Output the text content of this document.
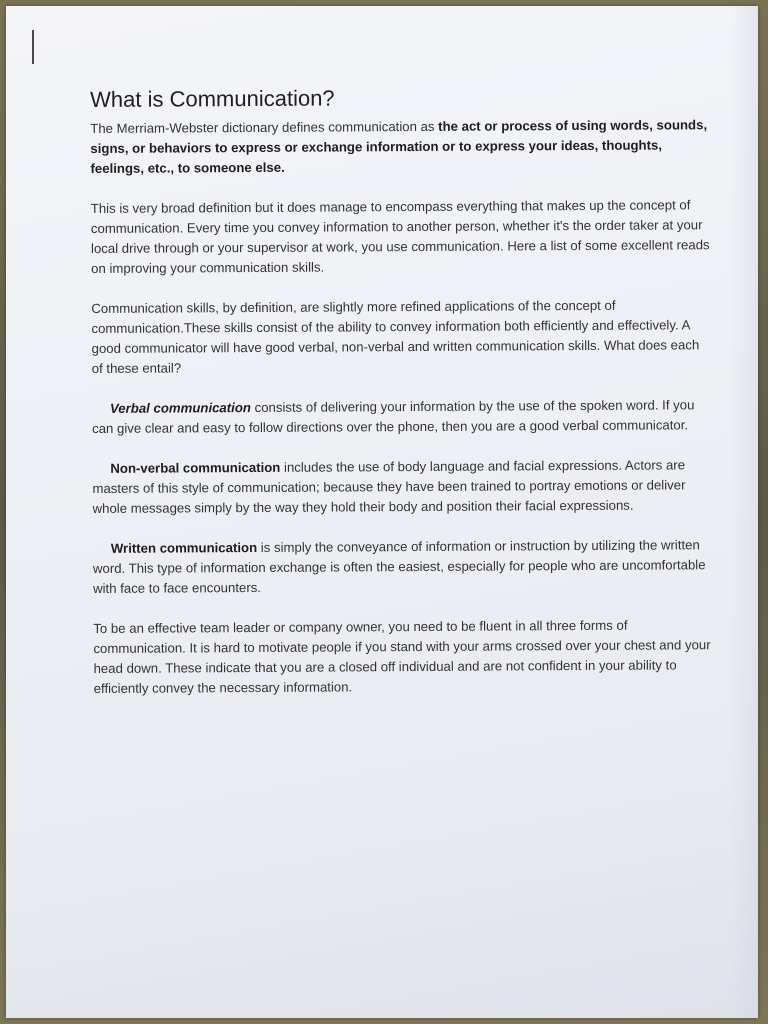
What is Communication?

The Merriam-Webster dictionary defines communication as the act or process of using words, sounds, signs, or behaviors to express or exchange information or to express your ideas, thoughts, feelings, etc., to someone else.

This is very broad definition but it does manage to encompass everything that makes up the concept of communication. Every time you convey information to another person, whether it's the order taker at your local drive through or your supervisor at work, you use communication. Here a list of some excellent reads on improving your communication skills.

Communication skills, by definition, are slightly more refined applications of the concept of communication.These skills consist of the ability to convey information both efficiently and effectively. A good communicator will have good verbal, non-verbal and written communication skills. What does each of these entail?

Verbal communication consists of delivering your information by the use of the spoken word. If you can give clear and easy to follow directions over the phone, then you are a good verbal communicator.

Non-verbal communication includes the use of body language and facial expressions. Actors are masters of this style of communication; because they have been trained to portray emotions or deliver whole messages simply by the way they hold their body and position their facial expressions.

Written communication is simply the conveyance of information or instruction by utilizing the written word. This type of information exchange is often the easiest, especially for people who are uncomfortable with face to face encounters.

To be an effective team leader or company owner, you need to be fluent in all three forms of communication. It is hard to motivate people if you stand with your arms crossed over your chest and your head down. These indicate that you are a closed off individual and are not confident in your ability to efficiently convey the necessary information.
